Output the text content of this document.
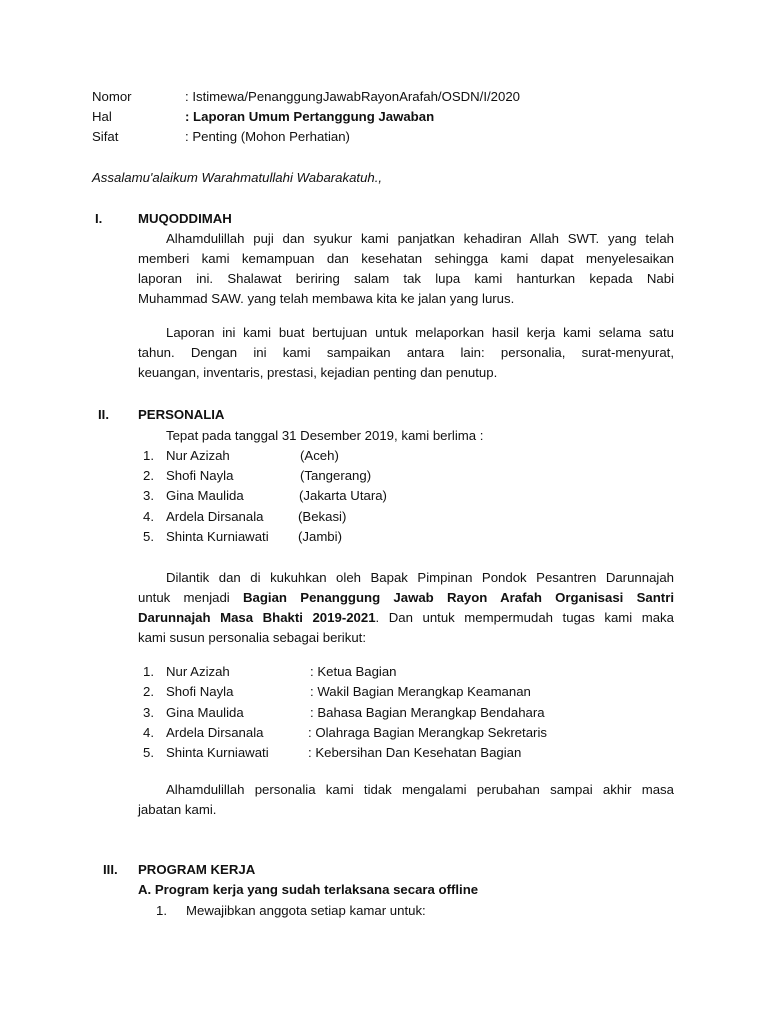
Nomor	: Istimewa/PenanggungJawabRayonArafah/OSDN/I/2020
Hal	: Laporan Umum Pertanggung Jawaban
Sifat	: Penting (Mohon Perhatian)
Assalamu'alaikum Warahmatullahi Wabarakatuh.,
I.	MUQODDIMAH
Alhamdulillah puji dan syukur kami panjatkan kehadiran Allah SWT. yang telah
memberi kami kemampuan dan kesehatan sehingga kami dapat menyelesaikan
laporan ini. Shalawat beriring salam tak lupa kami hanturkan kepada Nabi
Muhammad SAW. yang telah membawa kita ke jalan yang lurus.
Laporan ini kami buat bertujuan untuk melaporkan hasil kerja kami selama satu
tahun. Dengan ini kami sampaikan antara lain: personalia, surat-menyurat,
keuangan, inventaris, prestasi, kejadian penting dan penutup.
II. PERSONALIA
Tepat pada tanggal 31 Desember 2019, kami berlima :
1. Nur Azizah	(Aceh)
2. Shofi Nayla	(Tangerang)
3. Gina Maulida	(Jakarta Utara)
4. Ardela Dirsanala	(Bekasi)
5. Shinta Kurniawati (Jambi)
Dilantik dan di kukuhkan oleh Bapak Pimpinan Pondok Pesantren Darunnajah
untuk menjadi Bagian Penanggung Jawab Rayon Arafah Organisasi Santri
Darunnajah Masa Bhakti 2019-2021. Dan untuk mempermudah tugas kami maka
kami susun personalia sebagai berikut:
1. Nur Azizah	: Ketua Bagian
2. Shofi Nayla	: Wakil Bagian Merangkap Keamanan
3. Gina Maulida	: Bahasa Bagian Merangkap Bendahara
4. Ardela Dirsanala	: Olahraga Bagian Merangkap Sekretaris
5. Shinta Kurniawati	: Kebersihan Dan Kesehatan Bagian
Alhamdulillah personalia kami tidak mengalami perubahan sampai akhir masa
jabatan kami.
III. PROGRAM KERJA
A. Program kerja yang sudah terlaksana secara offline
1. Mewajibkan anggota setiap kamar untuk:
